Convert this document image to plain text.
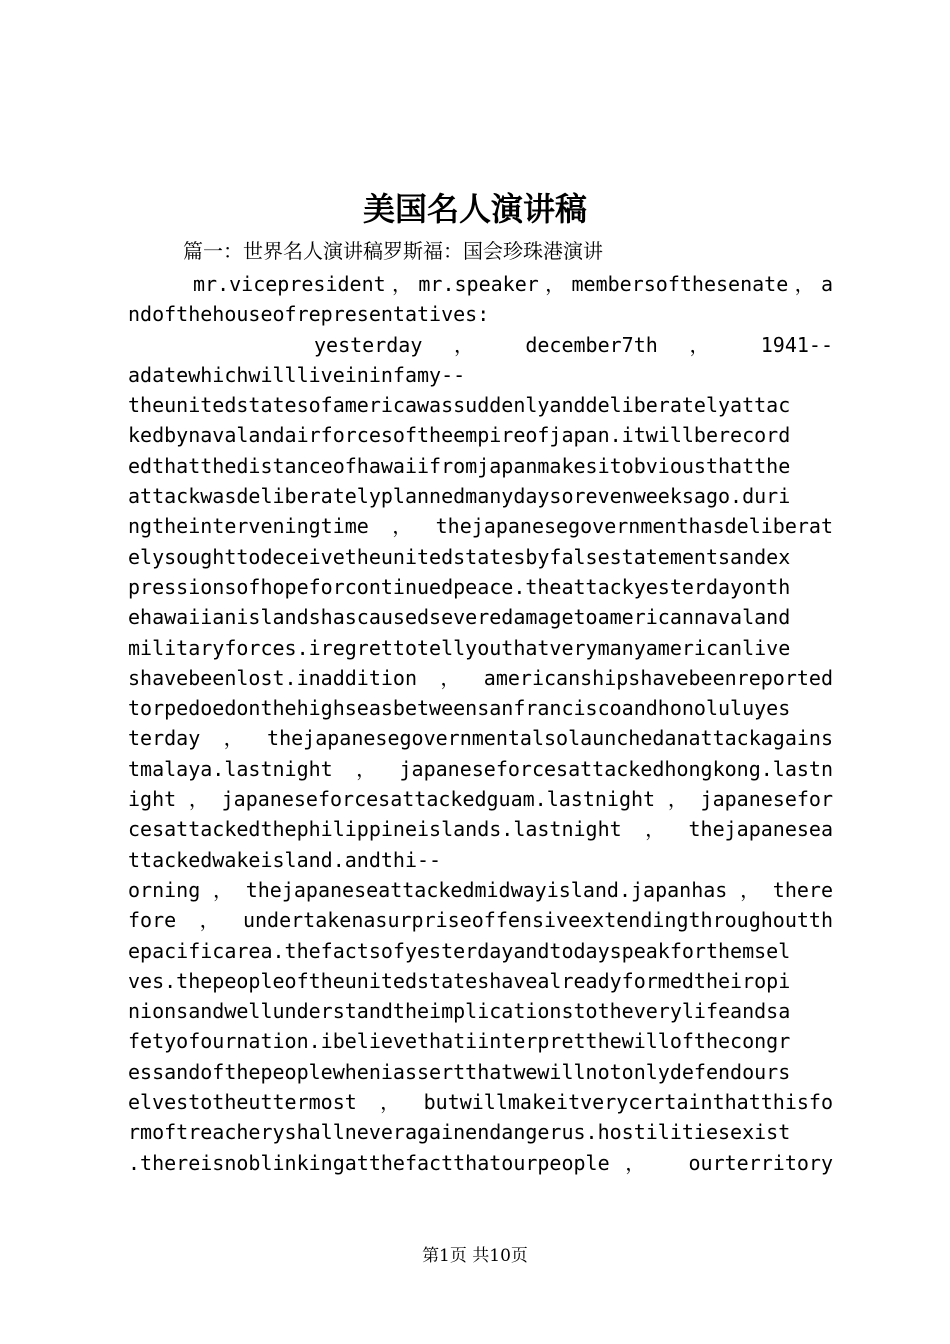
美国名人演讲稿
篇一：世界名人演讲稿罗斯福：国会珍珠港演讲
mr.vicepresident，mr.speaker，membersofthesenate，a
ndofthehouseofrepresentatives:
yesterday ， december7th ， 1941--
adatewhichwillliveininfamy--
theunitedstatesofamericawassuddenlyanddeliberatelyattac
kedbynavalandairforcesoftheempireofjapan.itwillberecord
edthatthedistanceofhawaiifromjapanmakesitobviousthatthe
attackwasdeliberatelyplannedmanydaysorevenweeksago.duri
ngtheinterveningtime，thejapanesegovernmenthasdeliberat
elysoughttodeceivetheunitedstatesbyfalsestatementsandex
pressionsofhopeforcontinuedpeace.theattackyesterdayonth
ehawaiianislandshascausedseveredamagetoamericannavaland
militaryforces.iregrettotellyouthatverymanyamericanlive
shavebeenlost.inaddition，americanshipshavebeenreported
torpedoedonthehighseasbetweensanfranciscoandhonoluluyes
terday，thejapanesegovernmentalsolaunchedanattackagains
tmalaya.lastnight，japaneseforcesattackedhongkong.lastn
ight，japaneseforcesattackedguam.lastnight，japanesefor
cesattackedthephilippineislands.lastnight，thejapanesea
ttackedwakeisland.andthi--
orning，thejapaneseattackedmidwayisland.japanhas，there
fore，undertakenasurpriseoffensiveextendingthroughoutth
epacificarea.thefactsofyesterdayandtodayspeakforthemsel
ves.thepeopleoftheunitedstateshavealreadyformedtheiropi
nionsandwellunderstandtheimplicationstotheverylifeandsa
fetyofournation.ibelievethatiinterpretthewillofthecongr
essandofthepeoplewheniassertthatwewillnotonlydefendours
elvestotheuttermost，butwillmakeitverycertainthatthisfo
rmoftreacheryshallneveragainendangerus.hostilitiesexist
.thereisnoblinkingatthefactthatourpeople， ourterritory
第1页 共10页
